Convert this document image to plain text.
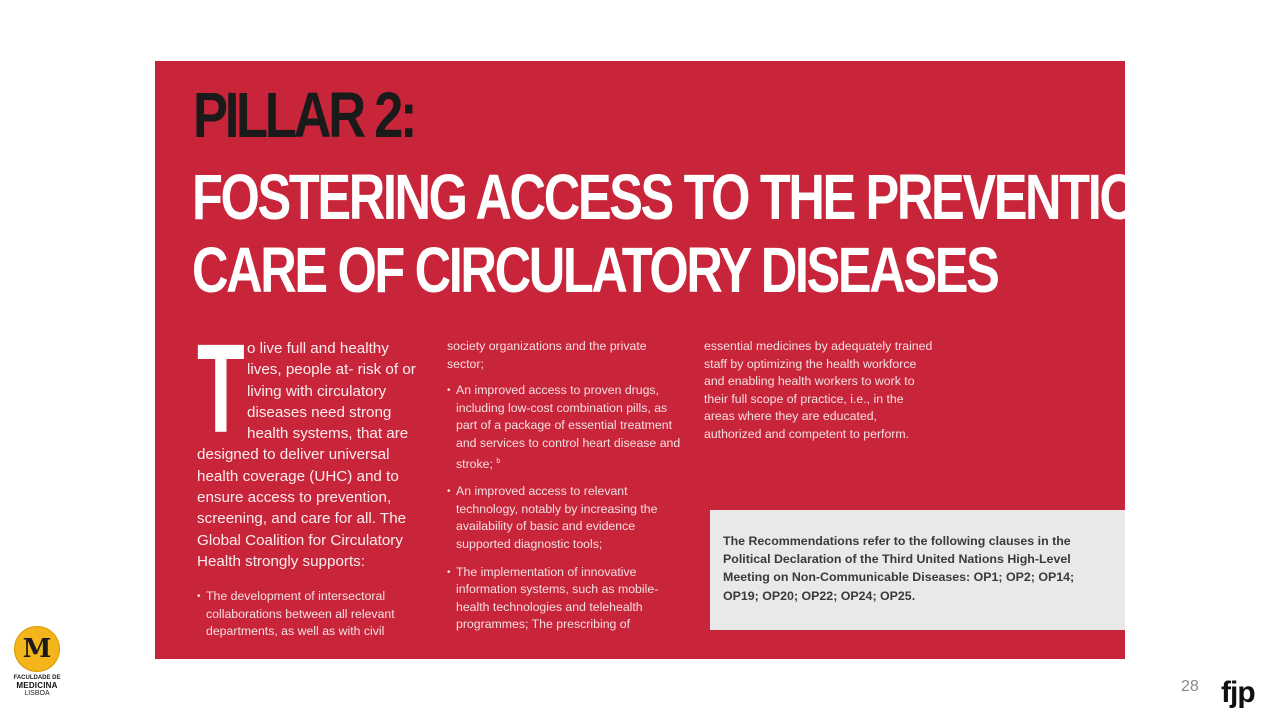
PILLAR 2:
FOSTERING ACCESS TO THE PREVENTION AND
CARE OF CIRCULATORY DISEASES

To live full and healthy lives, people at- risk of or living with circulatory diseases need strong health systems, that are designed to deliver universal health coverage (UHC) and to ensure access to prevention, screening, and care for all. The Global Coalition for Circulatory Health strongly supports:

• The development of intersectoral collaborations between all relevant departments, as well as with civil

society organizations and the private sector;

• An improved access to proven drugs, including low-cost combination pills, as part of a package of essential treatment and services to control heart disease and stroke; $^b$
• An improved access to relevant technology, notably by increasing the availability of basic and evidence supported diagnostic tools;
• The implementation of innovative information systems, such as mobile-health technologies and telehealth programmes; The prescribing of

essential medicines by adequately trained staff by optimizing the health workforce and enabling health workers to work to their full scope of practice, i.e., in the areas where they are educated, authorized and competent to perform.

The Recommendations refer to the following clauses in the Political Declaration of the Third United Nations High-Level Meeting on Non-Communicable Diseases: OP1; OP2; OP14; OP19; OP20; OP22; OP24; OP25.

M
FACULDADE DE
MEDICINA
LISBOA	28 fjp
